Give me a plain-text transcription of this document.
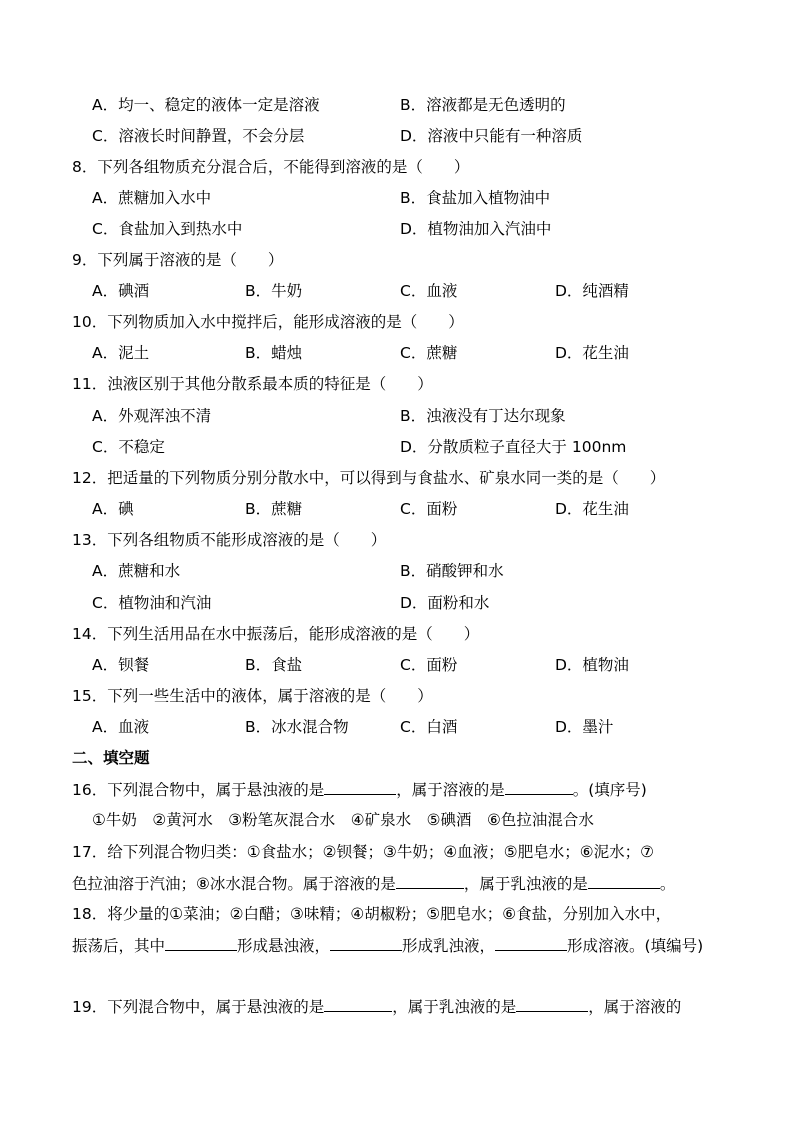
A．均一、稳定的液体一定是溶液	B．溶液都是无色透明的
C．溶液长时间静置，不会分层	D．溶液中只能有一种溶质
8．下列各组物质充分混合后，不能得到溶液的是（　　）
A．蔗糖加入水中	B．食盐加入植物油中
C．食盐加入到热水中	D．植物油加入汽油中
9．下列属于溶液的是（　　）
A．碘酒	B．牛奶	C．血液	D．纯酒精
10．下列物质加入水中搅拌后，能形成溶液的是（　　）
A．泥土	B．蜡烛	C．蔗糖	D．花生油
11．浊液区别于其他分散系最本质的特征是（　　）
A．外观浑浊不清	B．浊液没有丁达尔现象
C．不稳定	D．分散质粒子直径大于 100nm
12．把适量的下列物质分别分散水中，可以得到与食盐水、矿泉水同一类的是（　　）
A．碘	B．蔗糖	C．面粉	D．花生油
13．下列各组物质不能形成溶液的是（　　）
A．蔗糖和水	B．硝酸钾和水
C．植物油和汽油	D．面粉和水
14．下列生活用品在水中振荡后，能形成溶液的是（　　）
A．钡餐	B．食盐	C．面粉	D．植物油
15．下列一些生活中的液体，属于溶液的是（　　）
A．血液	B．冰水混合物	C．白酒	D．墨汁
二、填空题
16．下列混合物中，属于悬浊液的是	，属于溶液的是	。(填序号)
①牛奶　②黄河水　③粉笔灰混合水　④矿泉水　⑤碘酒　⑥色拉油混合水
17．给下列混合物归类：①食盐水；②钡餐；③牛奶；④血液；⑤肥皂水；⑥泥水；⑦
色拉油溶于汽油；⑧冰水混合物。属于溶液的是	，属于乳浊液的是	。
18．将少量的①菜油；②白醋；③味精；④胡椒粉；⑤肥皂水；⑥食盐，分别加入水中，
振荡后，其中	形成悬浊液，	形成乳浊液，	形成溶液。(填编号)
19．下列混合物中，属于悬浊液的是	，属于乳浊液的是	，属于溶液的
